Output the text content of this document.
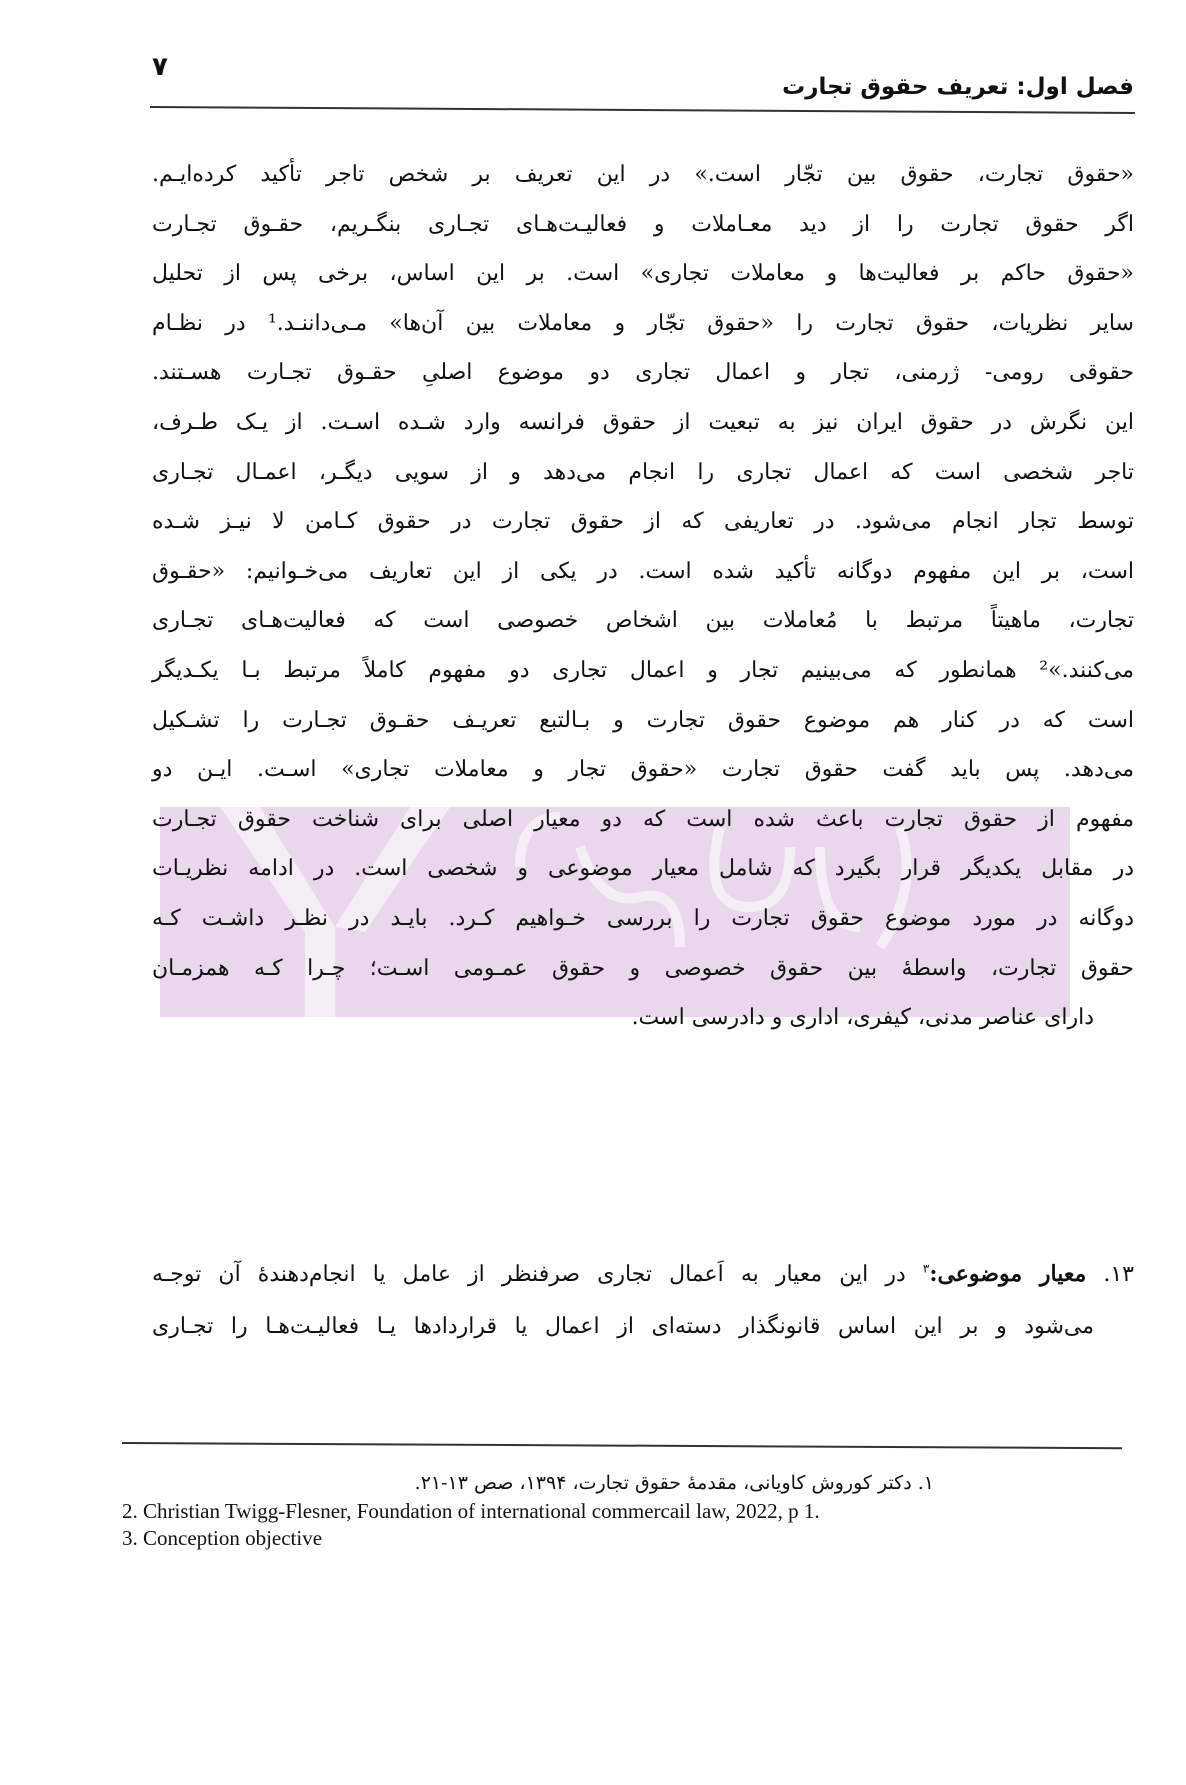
۷
فصل اول: تعریف حقوق تجارت
«حقوق تجارت، حقوق بین تجّار است.» در این تعریف بر شخص تاجر تأکید کرده‌ایـم.
اگر حقوق تجارت را از دید معـاملات و فعالیـت‌هـای تجـاری بنگـریم، حقـوق تجـارت
«حقوق حاکم بر فعالیت‌ها و معاملات تجاری» است. بر این اساس، برخی پس از تحلیل
سایر نظریات، حقوق تجارت را «حقوق تجّار و معاملات بین آن‌ها» مـی‌داننـد.¹ در نظـام
حقوقی رومی- ژرمنی، تجار و اعمال تجاری دو موضوع اصلیِ حقـوق تجـارت هسـتند.
این نگرش در حقوق ایران نیز به تبعیت از حقوق فرانسه وارد شـده اسـت. از یـک طـرف،
تاجر شخصی است که اعمال تجاری را انجام می‌دهد و از سویی دیگـر، اعمـال تجـاری
توسط تجار انجام می‌شود. در تعاریفی که از حقوق تجارت در حقوق کـامن لا نیـز شـده
است، بر این مفهوم دوگانه تأکید شده است. در یکی از این تعاریف می‌خـوانیم: «حقـوق
تجارت، ماهیتاً مرتبط با مُعاملات بین اشخاص خصوصی است که فعالیت‌هـای تجـاری
می‌کنند.»² همانطور که می‌بینیم تجار و اعمال تجاری دو مفهوم کاملاً مرتبط بـا یکـدیگر
است که در کنار هم موضوع حقوق تجارت و بـالتبع تعریـف حقـوق تجـارت را تشـکیل
می‌دهد. پس باید گفت حقوق تجارت «حقوق تجار و معاملات تجاری» اسـت. ایـن دو
مفهوم از حقوق تجارت باعث شده است که دو معیار اصلی برای شناخت حقوق تجـارت
در مقابل یکدیگر قرار بگیرد که شامل معیار موضوعی و شخصی است. در ادامه نظریـات
دوگانه در مورد موضوع حقوق تجارت را بررسی خـواهیم کـرد. بایـد در نظـر داشـت کـه
حقوق تجارت، واسطهٔ بین حقوق خصوصی و حقوق عمـومی اسـت؛ چـرا کـه همزمـان
دارای عناصر مدنی، کیفری، اداری و دادرسی است.
۱۳. معیار موضوعی:$^۳$ در این معیار به اَعمال تجاری صرفنظر از عامل یا انجام‌دهندهٔ آن توجـه
می‌شود و بر این اساس قانونگذار دسته‌ای از اعمال یا قراردادها یـا فعالیـت‌هـا را تجـاری
۱. دکتر کوروش کاویانی، مقدمهٔ حقوق تجارت، ۱۳۹۴، صص ۱۳-۲۱.
2. Christian Twigg-Flesner, Foundation of international commercail law, 2022, p 1.
3. Conception objective
